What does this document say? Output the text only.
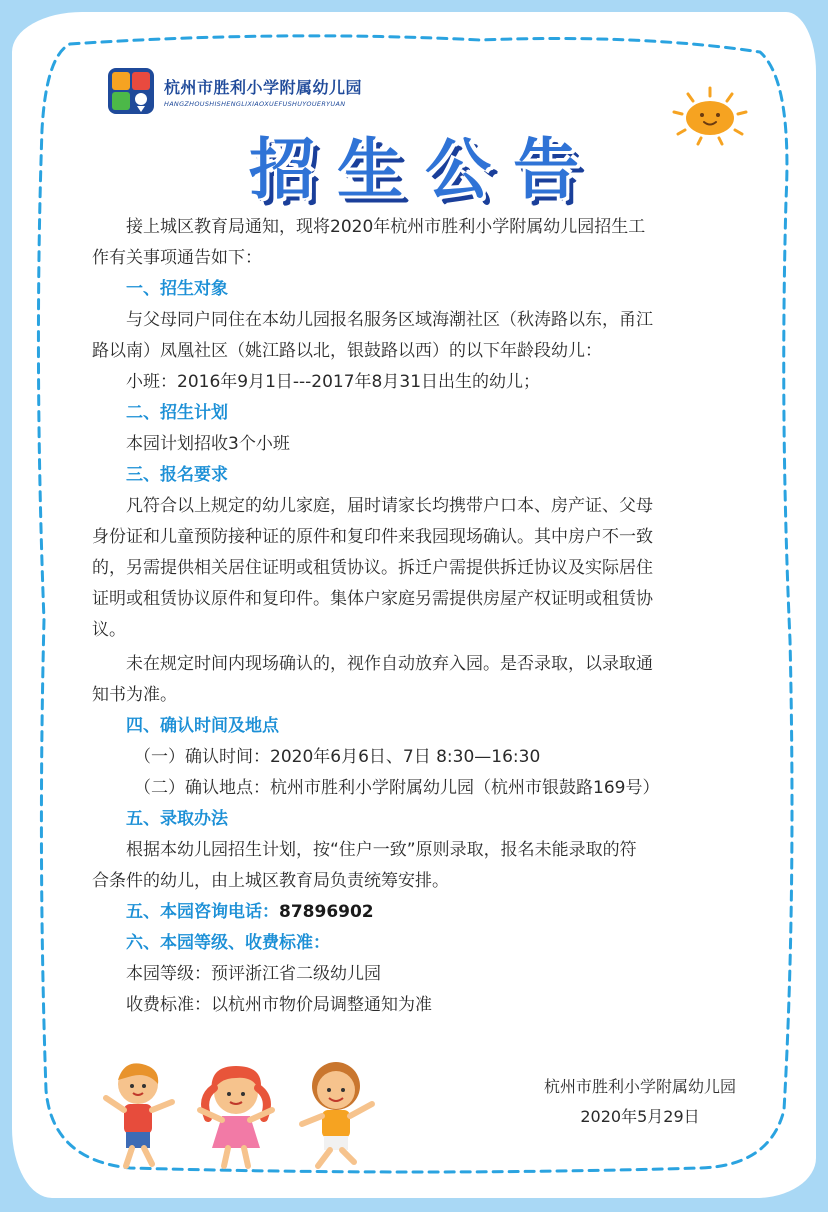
杭州市胜利小学附属幼儿园
HANGZHOUSHISHENGLIXIAOXUEFUSHUYOUERYUAN
招生公告
接上城区教育局通知，现将2020年杭州市胜利小学附属幼儿园招生工
作有关事项通告如下：
一、招生对象
与父母同户同住在本幼儿园报名服务区域海潮社区（秋涛路以东，甬江
路以南）凤凰社区（姚江路以北，银鼓路以西）的以下年龄段幼儿：
小班：2016年9月1日---2017年8月31日出生的幼儿；
二、招生计划
本园计划招收3个小班
三、报名要求
凡符合以上规定的幼儿家庭，届时请家长均携带户口本、房产证、父母
身份证和儿童预防接种证的原件和复印件来我园现场确认。其中房户不一致
的，另需提供相关居住证明或租赁协议。拆迁户需提供拆迁协议及实际居住
证明或租赁协议原件和复印件。集体户家庭另需提供房屋产权证明或租赁协
议。
未在规定时间内现场确认的，视作自动放弃入园。是否录取，以录取通
知书为准。
四、确认时间及地点
（一）确认时间：2020年6月6日、7日 8:30—16:30
（二）确认地点：杭州市胜利小学附属幼儿园（杭州市银鼓路169号）
五、录取办法
根据本幼儿园招生计划，按“住户一致”原则录取，报名未能录取的符
合条件的幼儿，由上城区教育局负责统筹安排。
五、本园咨询电话：87896902
六、本园等级、收费标准：
本园等级：预评浙江省二级幼儿园
收费标准：以杭州市物价局调整通知为准
杭州市胜利小学附属幼儿园
2020年5月29日
